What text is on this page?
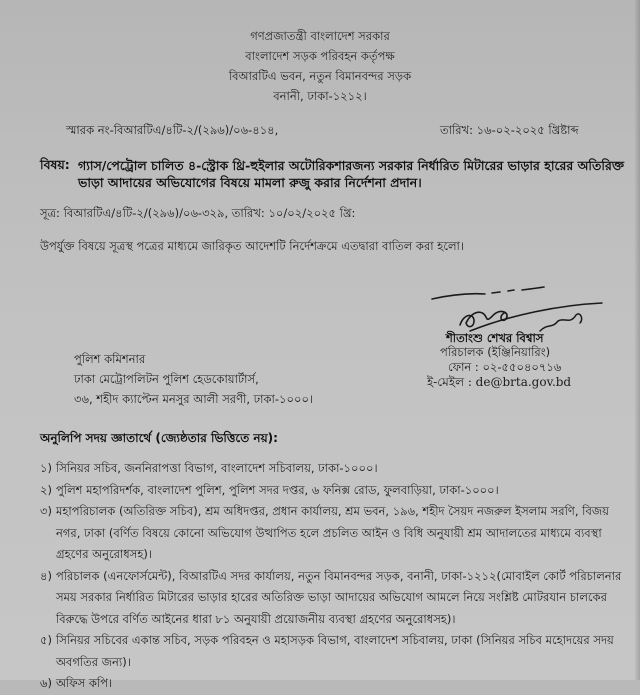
গণপ্রজাতন্ত্রী বাংলাদেশ সরকার
বাংলাদেশ সড়ক পরিবহন কর্তৃপক্ষ
বিআরটিএ ভবন, নতুন বিমানবন্দর সড়ক
বনানী, ঢাকা-১২১২।
স্মারক নং-বিআরটিএ/৪টি-২/(২৯৬)/০৬-৪১৪,	তারিখ: ১৬-০২-২০২৫ খ্রিষ্টাব্দ
বিষয়: গ্যাস/পেট্রোল চালিত ৪-স্ট্রোক থ্রি-হুইলার অটোরিকশারজন্য সরকার নির্ধারিত মিটারের ভাড়ার হারের অতিরিক্ত ভাড়া আদায়ের অভিযোগের বিষয়ে মামলা রুজু করার নির্দেশনা প্রদান।
সূত্র: বিআরটিএ/৪টি-২/(২৯৬)/০৬-৩২৯, তারিখ: ১০/০২/২০২৫ খ্রি:
উপর্যুক্ত বিষয়ে সূত্রস্থ পত্রের মাধ্যমে জারিকৃত আদেশটি নির্দেশক্রমে এতদ্বারা বাতিল করা হলো।
শীতাংশু শেখর বিশ্বাস
পরিচালক (ইঞ্জিনিয়ারিং)
ফোন : ০২-৫৫০৪০৭১৬
ই-মেইল : de@brta.gov.bd
পুলিশ কমিশনার
ঢাকা মেট্রোপলিটন পুলিশ হেডকোয়ার্টার্স,
৩৬, শহীদ ক্যাপ্টেন মনসুর আলী সরণী, ঢাকা-১০০০।
অনুলিপি সদয় জ্ঞাতার্থে (জ্যেষ্ঠতার ভিত্তিতে নয়):
১) সিনিয়র সচিব, জননিরাপত্তা বিভাগ, বাংলাদেশ সচিবালয়, ঢাকা-১০০০।
২) পুলিশ মহাপরিদর্শক, বাংলাদেশ পুলিশ, পুলিশ সদর দপ্তর, ৬ ফনিক্স রোড, ফুলবাড়িয়া, ঢাকা-১০০০।
৩) মহাপরিচালক (অতিরিক্ত সচিব), শ্রম অধিদপ্তর, প্রধান কার্যালয়, শ্রম ভবন, ১৯৬, শহীদ সৈয়দ নজরুল ইসলাম সরণি, বিজয় নগর, ঢাকা (বর্ণিত বিষয়ে কোনো অভিযোগ উত্থাপিত হলে প্রচলিত আইন ও বিধি অনুযায়ী শ্রম আদালতের মাধ্যমে ব্যবস্থা গ্রহণের অনুরোধসহ)।
৪) পরিচালক (এনফোর্সমেন্ট), বিআরটিএ সদর কার্যালয়, নতুন বিমানবন্দর সড়ক, বনানী, ঢাকা-১২১২(মোবাইল কোর্ট পরিচালনার সময় সরকার নির্ধারিত মিটারের ভাড়ার হারের অতিরিক্ত ভাড়া আদায়ের অভিযোগ আমলে নিয়ে সংশ্লিষ্ট মোটরযান চালকের বিরুদ্ধে উপরে বর্ণিত আইনের ধারা ৮১ অনুযায়ী প্রয়োজনীয় ব্যবস্থা গ্রহণের অনুরোধসহ)।
৫) সিনিয়র সচিবের একান্ত সচিব, সড়ক পরিবহন ও মহাসড়ক বিভাগ, বাংলাদেশ সচিবালয়, ঢাকা (সিনিয়র সচিব মহোদয়ের সদয় অবগতির জন্য)।
৬) অফিস কপি।
